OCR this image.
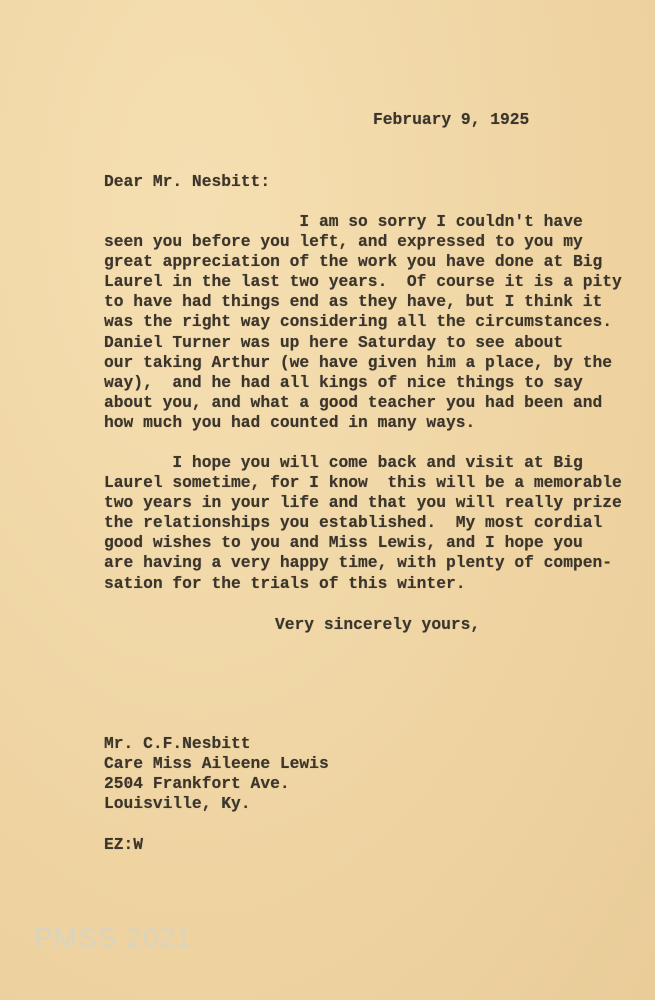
February 9, 1925
Dear Mr. Nesbitt:
I am so sorry I couldn't have
seen you before you left, and expressed to you my
great appreciation of the work you have done at Big
Laurel in the last two years.  Of course it is a pity
to have had things end as they have, but I think it
was the right way considering all the circumstances.
Daniel Turner was up here Saturday to see about
our taking Arthur (we have given him a place, by the
way),  and he had all kings of nice things to say
about you, and what a good teacher you had been and
how much you had counted in many ways.
I hope you will come back and visit at Big
Laurel sometime, for I know  this will be a memorable
two years in your life and that you will really prize
the relationships you established.  My most cordial
good wishes to you and Miss Lewis, and I hope you
are having a very happy time, with plenty of compen-
sation for the trials of this winter.
Very sincerely yours,
Mr. C.F.Nesbitt
Care Miss Aileene Lewis
2504 Frankfort Ave.
Louisville, Ky.
EZ:W
PMSS 2021
